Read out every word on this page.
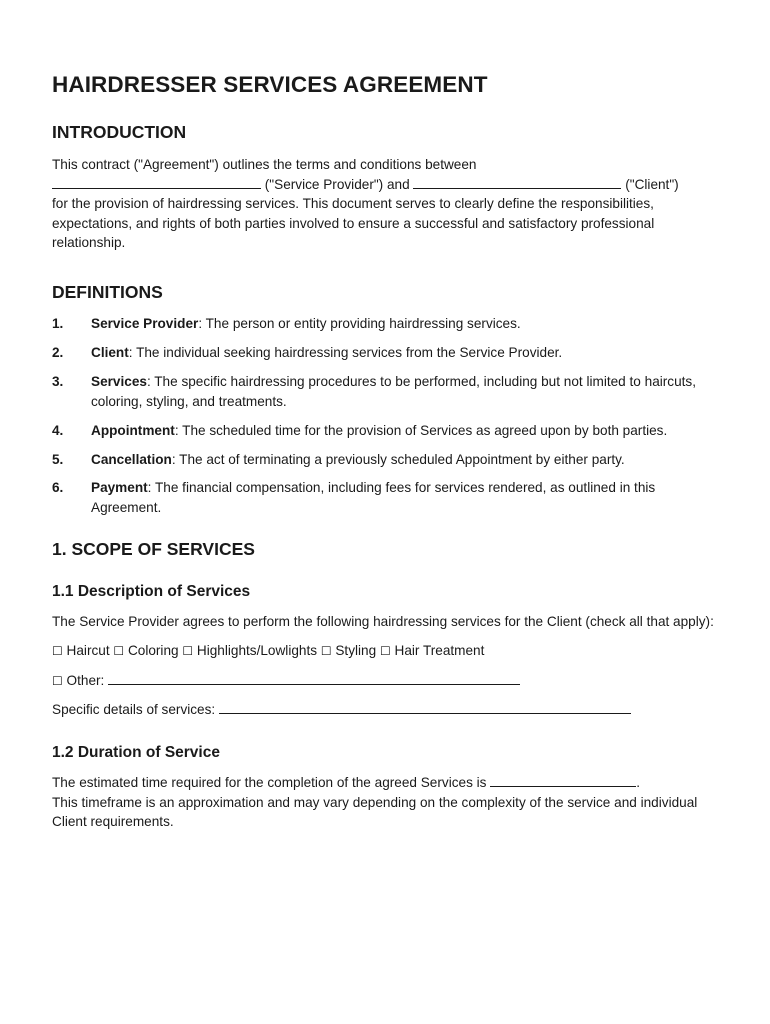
HAIRDRESSER SERVICES AGREEMENT
INTRODUCTION

This contract ("Agreement") outlines the terms and conditions between

("Service Provider") and	("Client")

for the provision of hairdressing services. This document serves to clearly define the responsibilities, expectations, and rights of both parties involved to ensure a successful and satisfactory professional relationship.

DEFINITIONS
1.	Service Provider: The person or entity providing hairdressing services.
2.	Client: The individual seeking hairdressing services from the Service Provider.
3.	Services: The specific hairdressing procedures to be performed, including but not limited to haircuts, coloring, styling, and treatments.
4.	Appointment: The scheduled time for the provision of Services as agreed upon by both parties.
5.	Cancellation: The act of terminating a previously scheduled Appointment by either party.
6.	Payment: The financial compensation, including fees for services rendered, as outlined in this Agreement.
1. SCOPE OF SERVICES
1.1 Description of Services

The Service Provider agrees to perform the following hairdressing services for the Client (check all that apply):

☐ Haircut ☐ Coloring ☐ Highlights/Lowlights ☐ Styling ☐ Hair Treatment

☐ Other:

Specific details of services:

1.2 Duration of Service

The estimated time required for the completion of the agreed Services is	.

This timeframe is an approximation and may vary depending on the complexity of the service and individual Client requirements.
